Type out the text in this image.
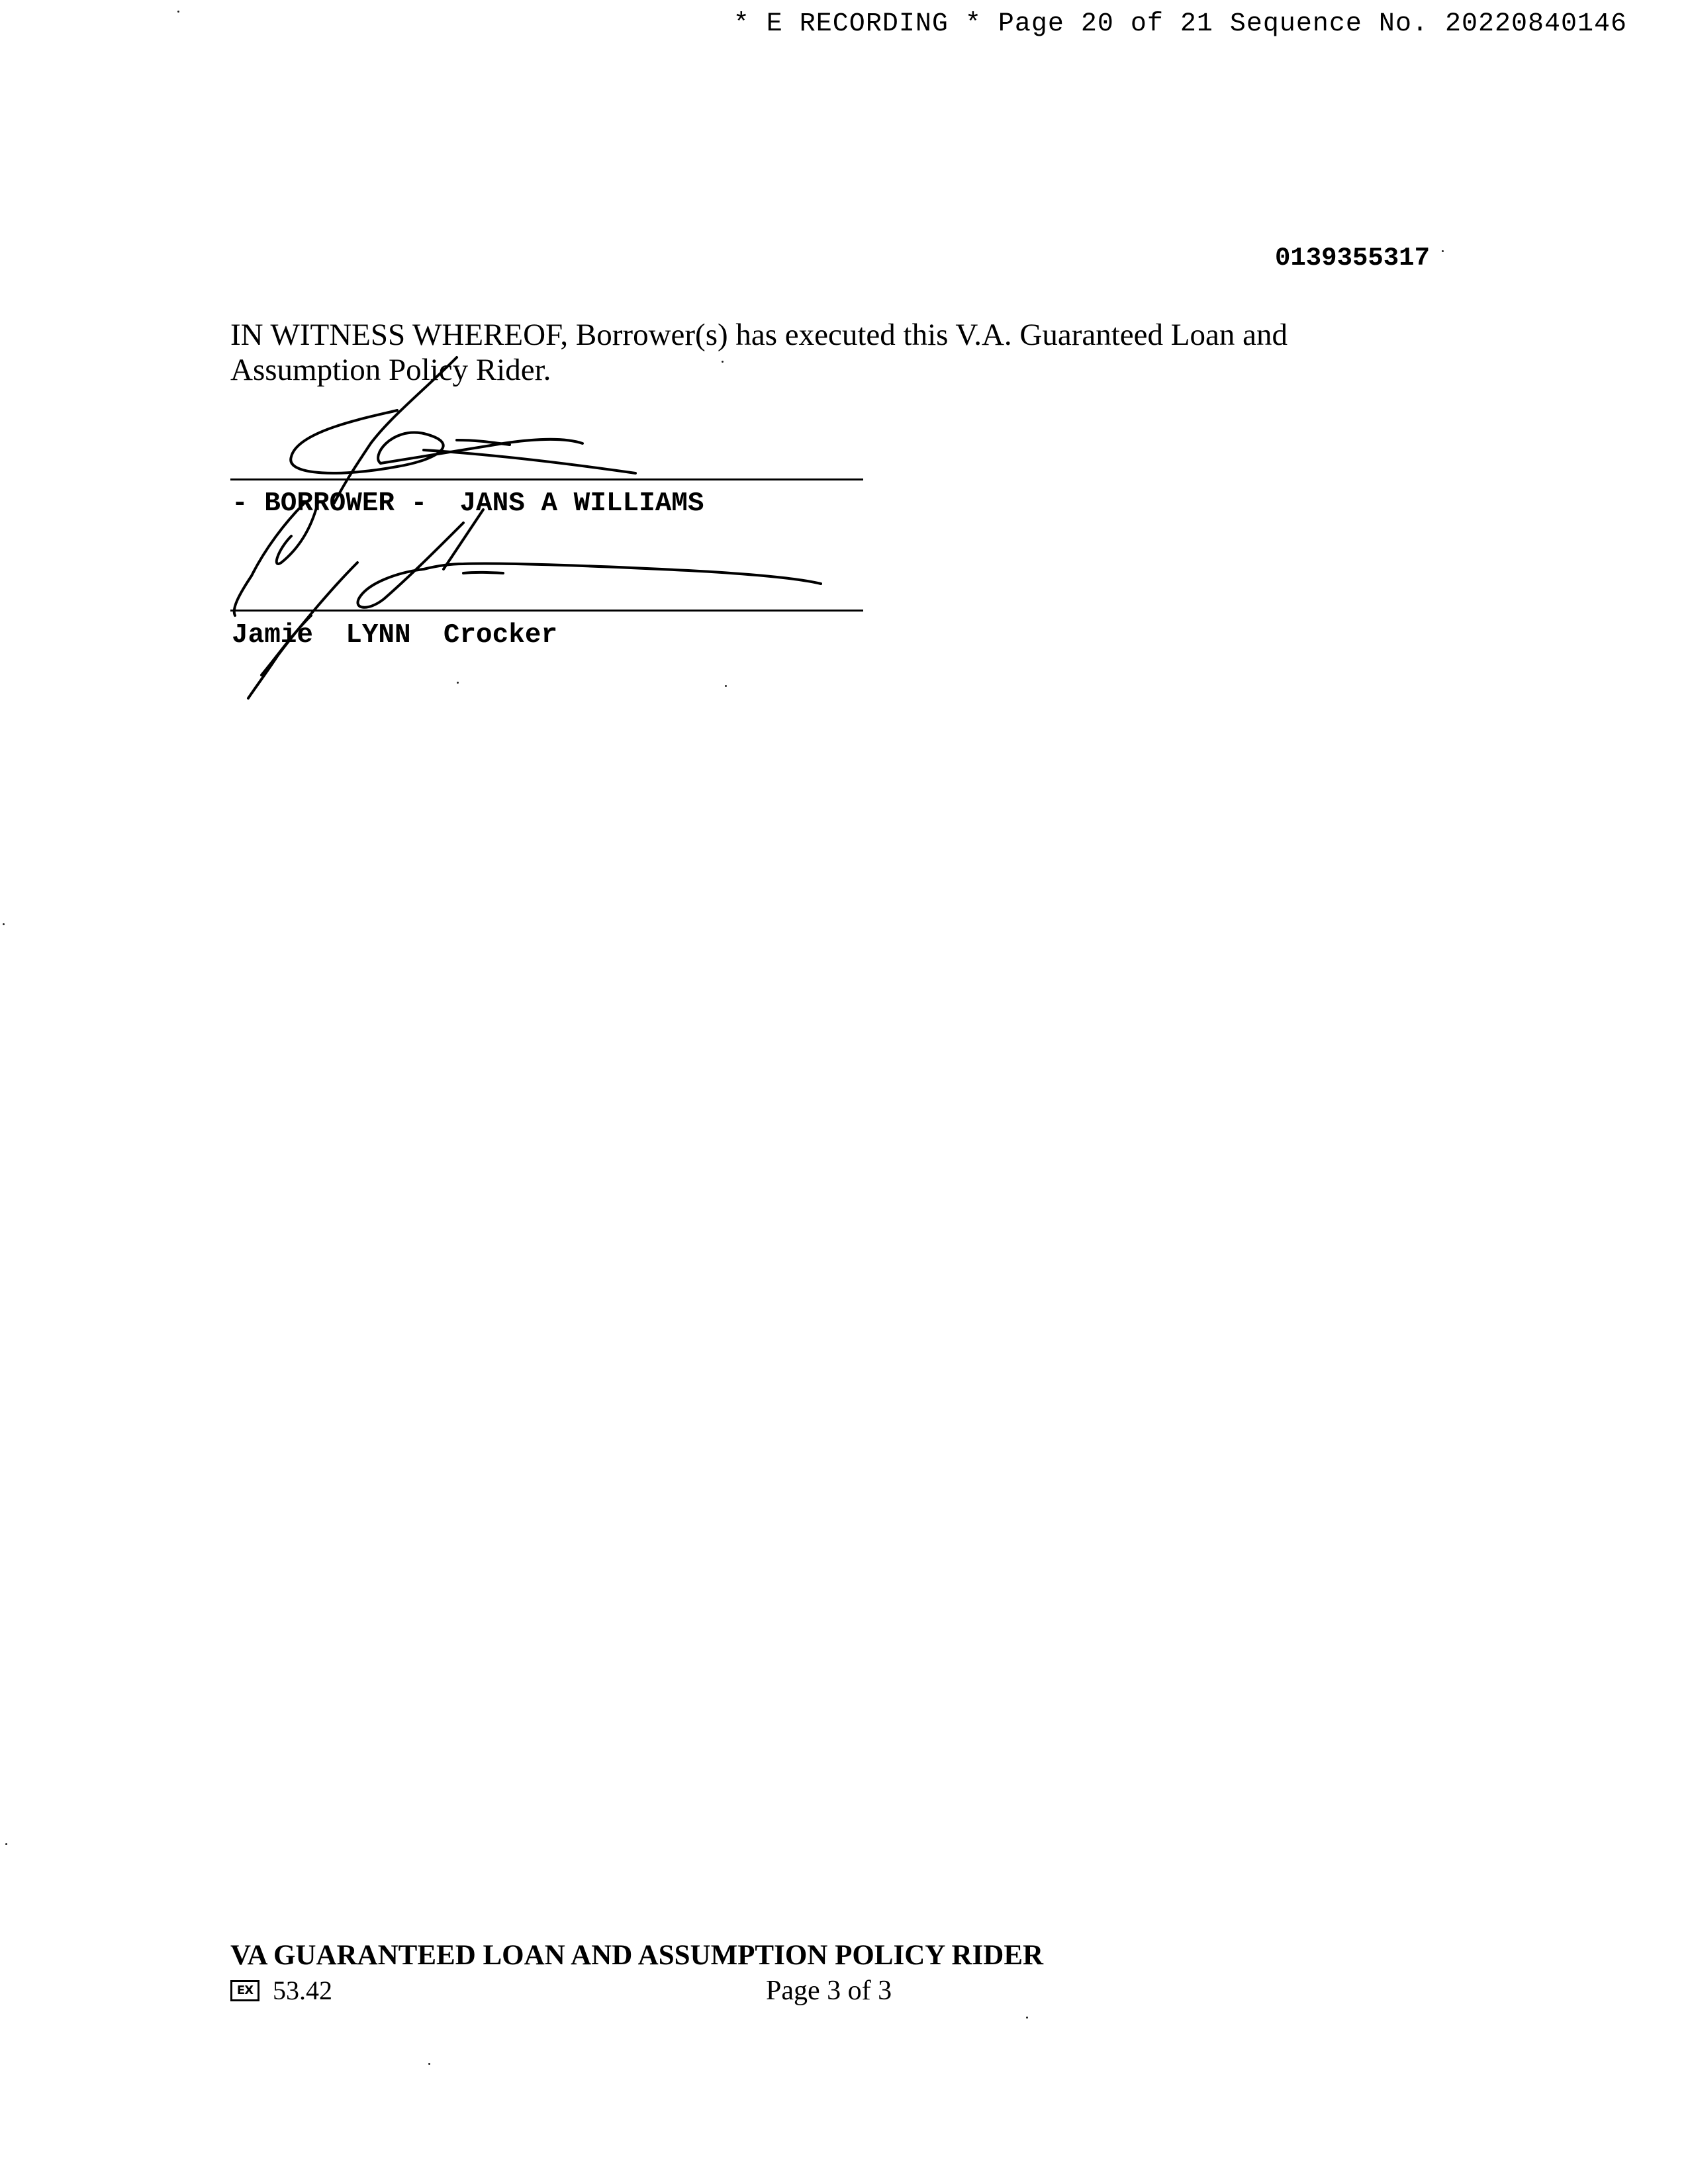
* E RECORDING * Page 20 of 21 Sequence No. 20220840146
0139355317
IN WITNESS WHEREOF, Borrower(s) has executed this V.A. Guaranteed Loan and Assumption Policy Rider.
- BORROWER -  JANS A WILLIAMS
Jamie  LYNN  Crocker
VA GUARANTEED LOAN AND ASSUMPTION POLICY RIDER
EX 53.42	Page 3 of 3
